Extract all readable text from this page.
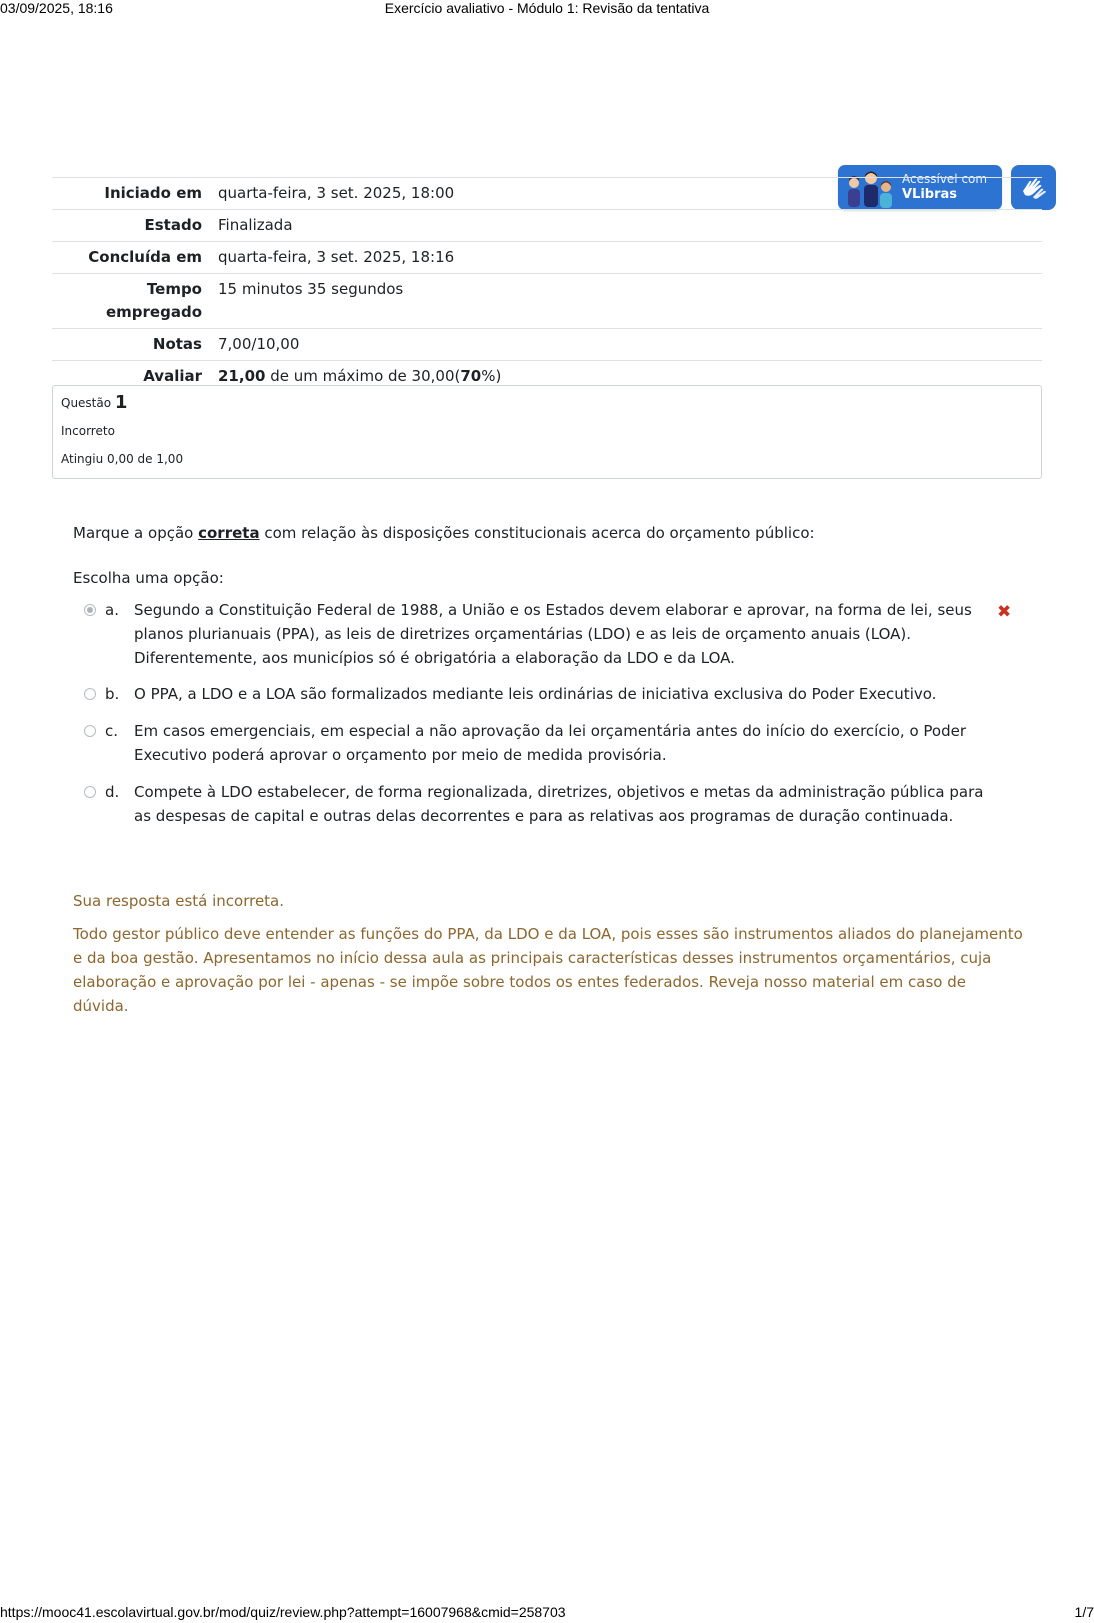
03/09/2025, 18:16	Exercício avaliativo - Módulo 1: Revisão da tentativa
Acessível com
VLibras
Iniciado em	quarta-feira, 3 set. 2025, 18:00
Estado	Finalizada
Concluída em	quarta-feira, 3 set. 2025, 18:16
Tempo
empregado	15 minutos 35 segundos
Notas	7,00/10,00
Avaliar	21,00 de um máximo de 30,00(70%)
Questão 1
Incorreto
Atingiu 0,00 de 1,00
Marque a opção correta com relação às disposições constitucionais acerca do orçamento público:
Escolha uma opção:
a. Segundo a Constituição Federal de 1988, a União e os Estados devem elaborar e aprovar, na forma de lei, seus planos plurianuais (PPA), as leis de diretrizes orçamentárias (LDO) e as leis de orçamento anuais (LOA). Diferentemente, aos municípios só é obrigatória a elaboração da LDO e da LOA.
✖
b. O PPA, a LDO e a LOA são formalizados mediante leis ordinárias de iniciativa exclusiva do Poder Executivo.
c. Em casos emergenciais, em especial a não aprovação da lei orçamentária antes do início do exercício, o Poder Executivo poderá aprovar o orçamento por meio de medida provisória.
d. Compete à LDO estabelecer, de forma regionalizada, diretrizes, objetivos e metas da administração pública para as despesas de capital e outras delas decorrentes e para as relativas aos programas de duração continuada.
Sua resposta está incorreta.
Todo gestor público deve entender as funções do PPA, da LDO e da LOA, pois esses são instrumentos aliados do planejamento e da boa gestão. Apresentamos no início dessa aula as principais características desses instrumentos orçamentários, cuja elaboração e aprovação por lei - apenas - se impõe sobre todos os entes federados. Reveja nosso material em caso de dúvida.
https://mooc41.escolavirtual.gov.br/mod/quiz/review.php?attempt=16007968&cmid=258703	1/7
